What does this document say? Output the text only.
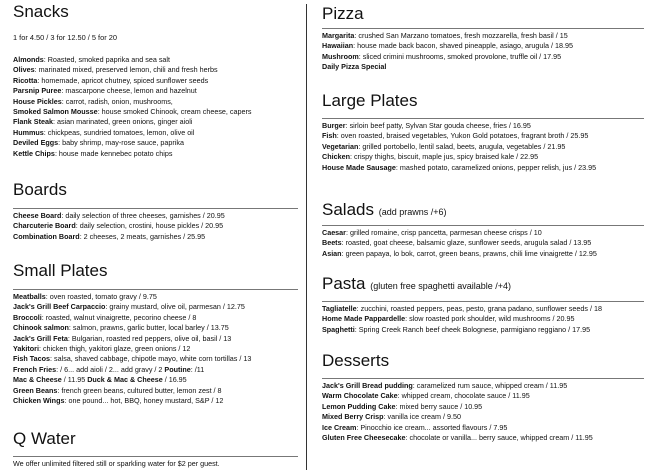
Snacks
1 for 4.50 / 3 for 12.50 / 5 for 20
Almonds: Roasted, smoked paprika and sea salt
Olives: marinated mixed, preserved lemon, chili and fresh herbs
Ricotta: homemade, apricot chutney, spiced sunflower seeds
Parsnip Puree: mascarpone cheese, lemon and hazelnut
House Pickles: carrot, radish, onion, mushrooms,
Smoked Salmon Mousse: house smoked Chinook, cream cheese, capers
Flank Steak: asian marinated, green onions, ginger aioli
Hummus: chickpeas, sundried tomatoes, lemon, olive oil
Deviled Eggs: baby shrimp, may-rose sauce, paprika
Kettle Chips: house made kennebec potato chips
Boards
Cheese Board: daily selection of three cheeses, garnishes / 20.95
Charcuterie Board: daily selection, crostini, house pickles / 20.95
Combination Board: 2 cheeses, 2 meats, garnishes / 25.95
Small Plates
Meatballs: oven roasted, tomato gravy / 9.75
Jack's Grill Beef Carpaccio: grainy mustard, olive oil, parmesan / 12.75
Broccoli: roasted, walnut vinaigrette, pecorino cheese / 8
Chinook salmon: salmon, prawns, garlic butter, local barley / 13.75
Jack's Grill Feta: Bulgarian, roasted red peppers, olive oil, basil / 13
Yakitori: chicken thigh, yakitori glaze, green onions / 12
Fish Tacos: salsa, shaved cabbage, chipotle mayo, white corn tortillas / 13
French Fries: / 6... add aioli / 2... add gravy / 2 Poutine: /11
Mac & Cheese / 11.95 Duck & Mac & Cheese / 16.95
Green Beans: french green beans, cultured butter, lemon zest / 8
Chicken Wings: one pound... hot, BBQ, honey mustard, S&P / 12
Q Water
We offer unlimited filtered still or sparkling water for $2 per guest.
Pizza
Margarita: crushed San Marzano tomatoes, fresh mozzarella, fresh basil / 15
Hawaiian: house made back bacon, shaved pineapple, asiago, arugula / 18.95
Mushroom: sliced crimini mushrooms, smoked provolone, truffle oil / 17.95
Daily Pizza Special
Large Plates
Burger: sirloin beef patty, Sylvan Star gouda cheese, fries / 16.95
Fish: oven roasted, braised vegetables, Yukon Gold potatoes, fragrant broth / 25.95
Vegetarian: grilled portobello, lentil salad, beets, arugula, vegetables / 21.95
Chicken: crispy thighs, biscuit, maple jus, spicy braised kale / 22.95
House Made Sausage: mashed potato, caramelized onions, pepper relish, jus / 23.95
Salads (add prawns /+6)
Caesar: grilled romaine, crisp pancetta, parmesan cheese crisps / 10
Beets: roasted, goat cheese, balsamic glaze, sunflower seeds, arugula salad / 13.95
Asian: green papaya, lo bok, carrot, green beans, prawns, chili lime vinaigrette / 12.95
Pasta (gluten free spaghetti available /+4)
Tagliatelle: zucchini, roasted peppers, peas, pesto, grana padano, sunflower seeds / 18
Home Made Pappardelle: slow roasted pork shoulder, wild mushrooms / 20.95
Spaghetti: Spring Creek Ranch beef cheek Bolognese, parmigiano reggiano / 17.95
Desserts
Jack's Grill Bread pudding: caramelized rum sauce, whipped cream / 11.95
Warm Chocolate Cake: whipped cream, chocolate sauce / 11.95
Lemon Pudding Cake: mixed berry sauce / 10.95
Mixed Berry Crisp: vanilla ice cream / 9.50
Ice Cream: Pinocchio ice cream... assorted flavours / 7.95
Gluten Free Cheesecake: chocolate or vanilla... berry sauce, whipped cream / 11.95
